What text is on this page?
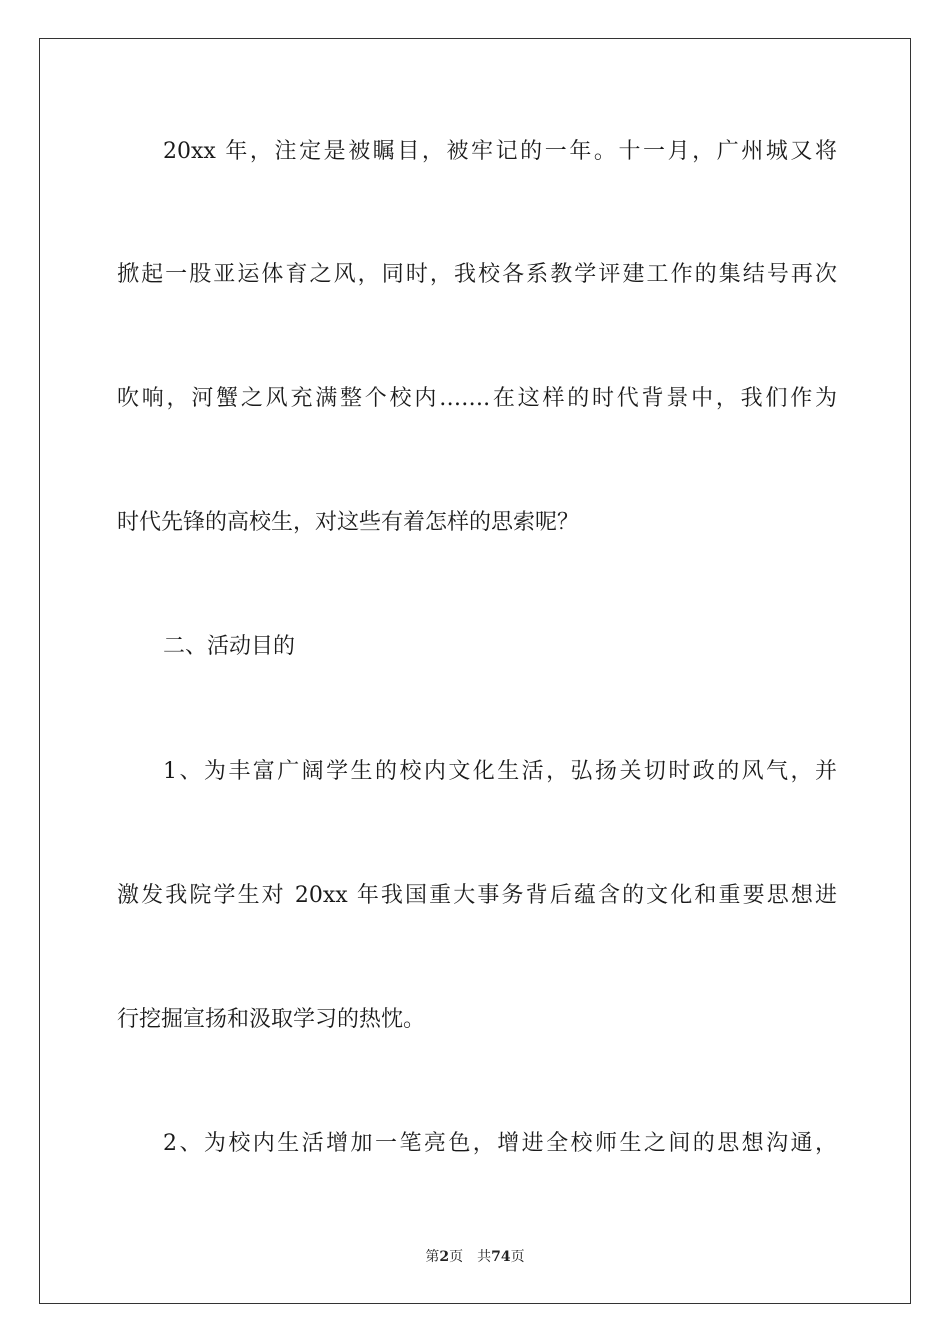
20xx 年，注定是被瞩目，被牢记的一年。十一月，广州城又将

掀起一股亚运体育之风，同时，我校各系教学评建工作的集结号再次

吹响，河蟹之风充满整个校内…….在这样的时代背景中，我们作为

时代先锋的高校生，对这些有着怎样的思索呢？

二、活动目的

1、为丰富广阔学生的校内文化生活，弘扬关切时政的风气，并

激发我院学生对 20xx 年我国重大事务背后蕴含的文化和重要思想进

行挖掘宣扬和汲取学习的热忱。

2、为校内生活增加一笔亮色，增进全校师生之间的思想沟通，

第2页 共74页
